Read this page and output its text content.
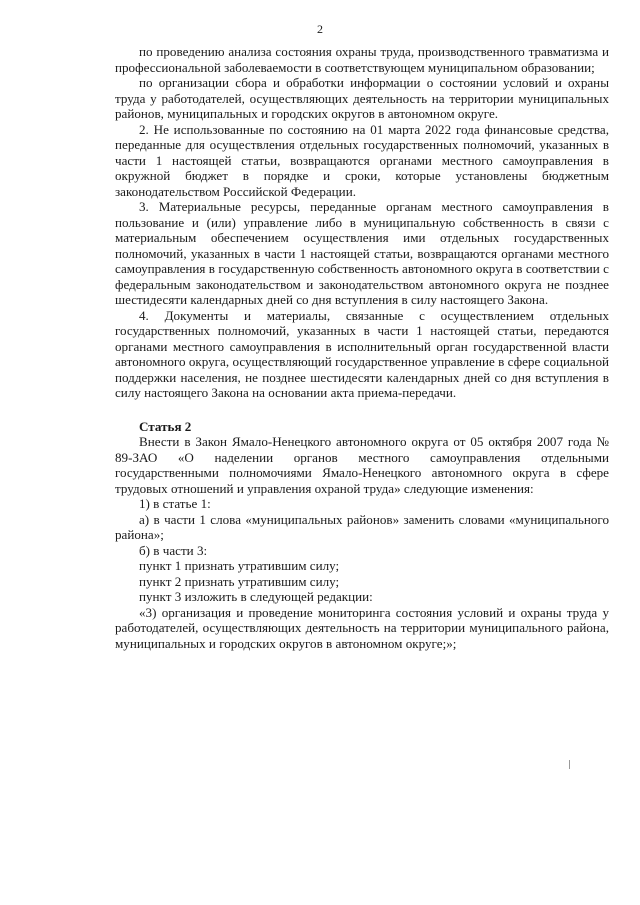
2

по проведению анализа состояния охраны труда, производственного травматизма и профессиональной заболеваемости в соответствующем муниципальном образовании;

по организации сбора и обработки информации о состоянии условий и охраны труда у работодателей, осуществляющих деятельность на территории муниципальных районов, муниципальных и городских округов в автономном округе.

2. Не использованные по состоянию на 01 марта 2022 года финансовые средства, переданные для осуществления отдельных государственных полномочий, указанных в части 1 настоящей статьи, возвращаются органами местного самоуправления в окружной бюджет в порядке и сроки, которые установлены бюджетным законодательством Российской Федерации.

3. Материальные ресурсы, переданные органам местного самоуправления в пользование и (или) управление либо в муниципальную собственность в связи с материальным обеспечением осуществления ими отдельных государственных полномочий, указанных в части 1 настоящей статьи, возвращаются органами местного самоуправления в государственную собственность автономного округа в соответствии с федеральным законодательством и законодательством автономного округа не позднее шестидесяти календарных дней со дня вступления в силу настоящего Закона.

4. Документы и материалы, связанные с осуществлением отдельных государственных полномочий, указанных в части 1 настоящей статьи, передаются органами местного самоуправления в исполнительный орган государственной власти автономного округа, осуществляющий государственное управление в сфере социальной поддержки населения, не позднее шестидесяти календарных дней со дня вступления в силу настоящего Закона на основании акта приема-передачи.

Статья 2

Внести в Закон Ямало-Ненецкого автономного округа от 05 октября 2007 года № 89-ЗАО «О наделении органов местного самоуправления отдельными государственными полномочиями Ямало-Ненецкого автономного округа в сфере трудовых отношений и управления охраной труда» следующие изменения:

1) в статье 1:

а) в части 1 слова «муниципальных районов» заменить словами «муниципального района»;

б) в части 3:

пункт 1 признать утратившим силу;

пункт 2 признать утратившим силу;

пункт 3 изложить в следующей редакции:

«3) организация и проведение мониторинга состояния условий и охраны труда у работодателей, осуществляющих деятельность на территории муниципального района, муниципальных и городских округов в автономном округе;»;
